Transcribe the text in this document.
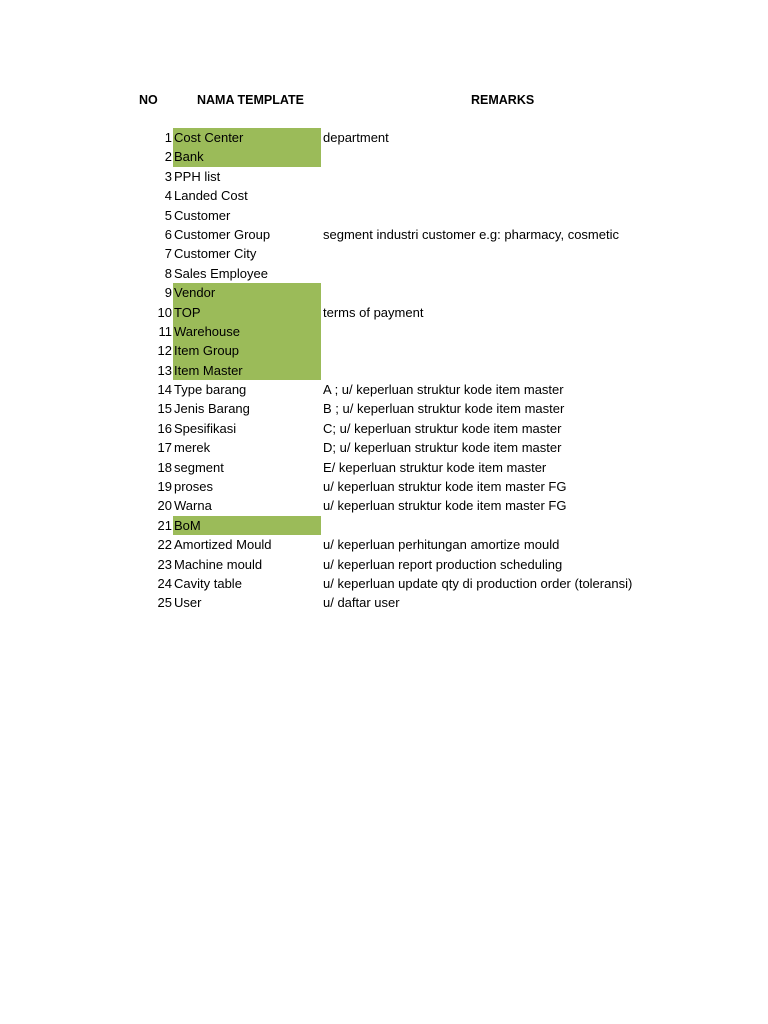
NO	NAMA TEMPLATE	REMARKS
1 Cost Center	department
2 Bank
3 PPH list
4 Landed Cost
5 Customer
6 Customer Group	segment industri customer e.g: pharmacy, cosmetic
7 Customer City
8 Sales Employee
9 Vendor
10 TOP	terms of payment
11 Warehouse
12 Item Group
13 Item Master
14 Type barang	A ; u/ keperluan struktur kode item master
15 Jenis Barang	B ; u/ keperluan struktur kode item master
16 Spesifikasi	C; u/ keperluan struktur kode item master
17 merek	D; u/ keperluan struktur kode item master
18 segment	E/ keperluan struktur kode item master
19 proses	u/ keperluan struktur kode item master FG
20 Warna	u/ keperluan struktur kode item master FG
21 BoM
22 Amortized Mould	u/ keperluan perhitungan amortize mould
23 Machine mould	u/ keperluan report production scheduling
24 Cavity table	u/ keperluan update qty di production order (toleransi)
25 User	u/ daftar user
